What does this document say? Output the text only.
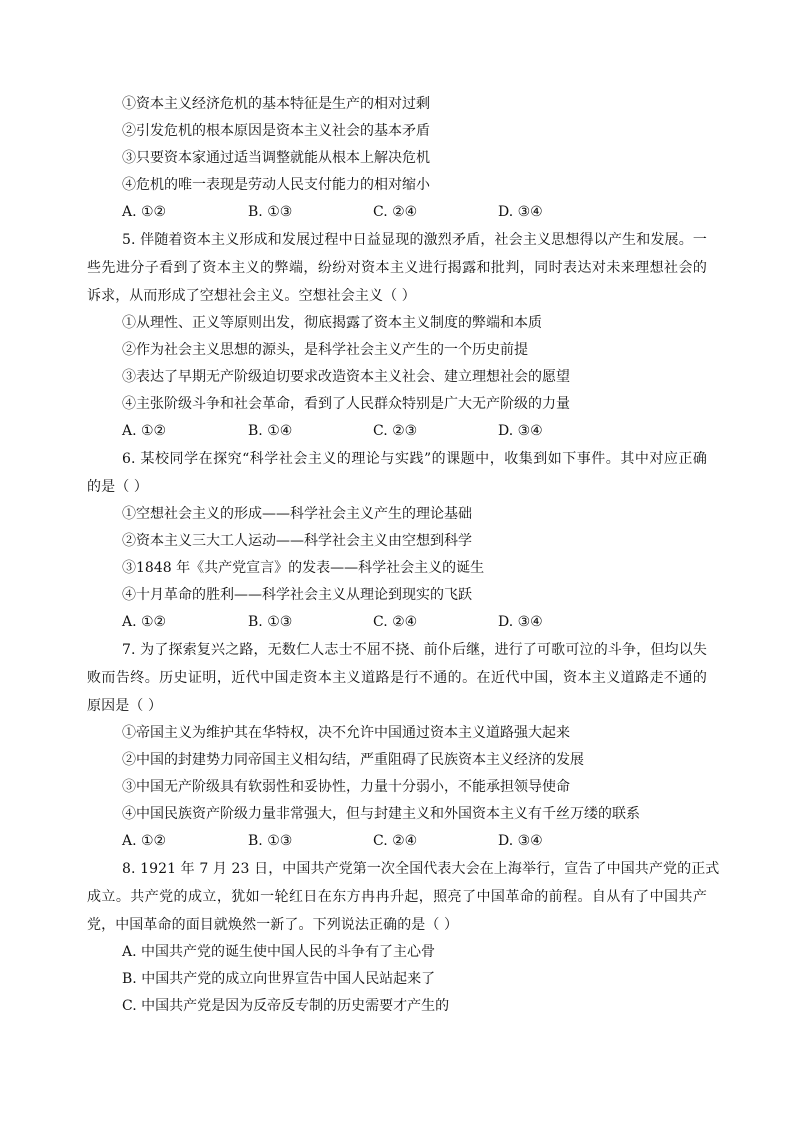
①资本主义经济危机的基本特征是生产的相对过剩
②引发危机的根本原因是资本主义社会的基本矛盾
③只要资本家通过适当调整就能从根本上解决危机
④危机的唯一表现是劳动人民支付能力的相对缩小
A. ①②	B. ①③	C. ②④	D. ③④
5. 伴随着资本主义形成和发展过程中日益显现的激烈矛盾，社会主义思想得以产生和发展。一
些先进分子看到了资本主义的弊端，纷纷对资本主义进行揭露和批判，同时表达对未来理想社会的
诉求，从而形成了空想社会主义。空想社会主义（ ）
①从理性、正义等原则出发，彻底揭露了资本主义制度的弊端和本质
②作为社会主义思想的源头，是科学社会主义产生的一个历史前提
③表达了早期无产阶级迫切要求改造资本主义社会、建立理想社会的愿望
④主张阶级斗争和社会革命，看到了人民群众特别是广大无产阶级的力量
A. ①②	B. ①④	C. ②③	D. ③④
6. 某校同学在探究“科学社会主义的理论与实践”的课题中，收集到如下事件。其中对应正确
的是（ ）
①空想社会主义的形成——科学社会主义产生的理论基础
②资本主义三大工人运动——科学社会主义由空想到科学
③1848 年《共产党宣言》的发表——科学社会主义的诞生
④十月革命的胜利——科学社会主义从理论到现实的飞跃
A. ①②	B. ①③	C. ②④	D. ③④
7. 为了探索复兴之路，无数仁人志士不屈不挠、前仆后继，进行了可歌可泣的斗争，但均以失
败而告终。历史证明，近代中国走资本主义道路是行不通的。在近代中国，资本主义道路走不通的
原因是（ ）
①帝国主义为维护其在华特权，决不允许中国通过资本主义道路强大起来
②中国的封建势力同帝国主义相勾结，严重阻碍了民族资本主义经济的发展
③中国无产阶级具有软弱性和妥协性，力量十分弱小，不能承担领导使命
④中国民族资产阶级力量非常强大，但与封建主义和外国资本主义有千丝万缕的联系
A. ①②	B. ①③	C. ②④	D. ③④
8. 1921 年 7 月 23 日，中国共产党第一次全国代表大会在上海举行，宣告了中国共产党的正式
成立。共产党的成立，犹如一轮红日在东方冉冉升起，照亮了中国革命的前程。自从有了中国共产
党，中国革命的面目就焕然一新了。下列说法正确的是（ ）
A. 中国共产党的诞生使中国人民的斗争有了主心骨
B. 中国共产党的成立向世界宣告中国人民站起来了
C. 中国共产党是因为反帝反专制的历史需要才产生的
